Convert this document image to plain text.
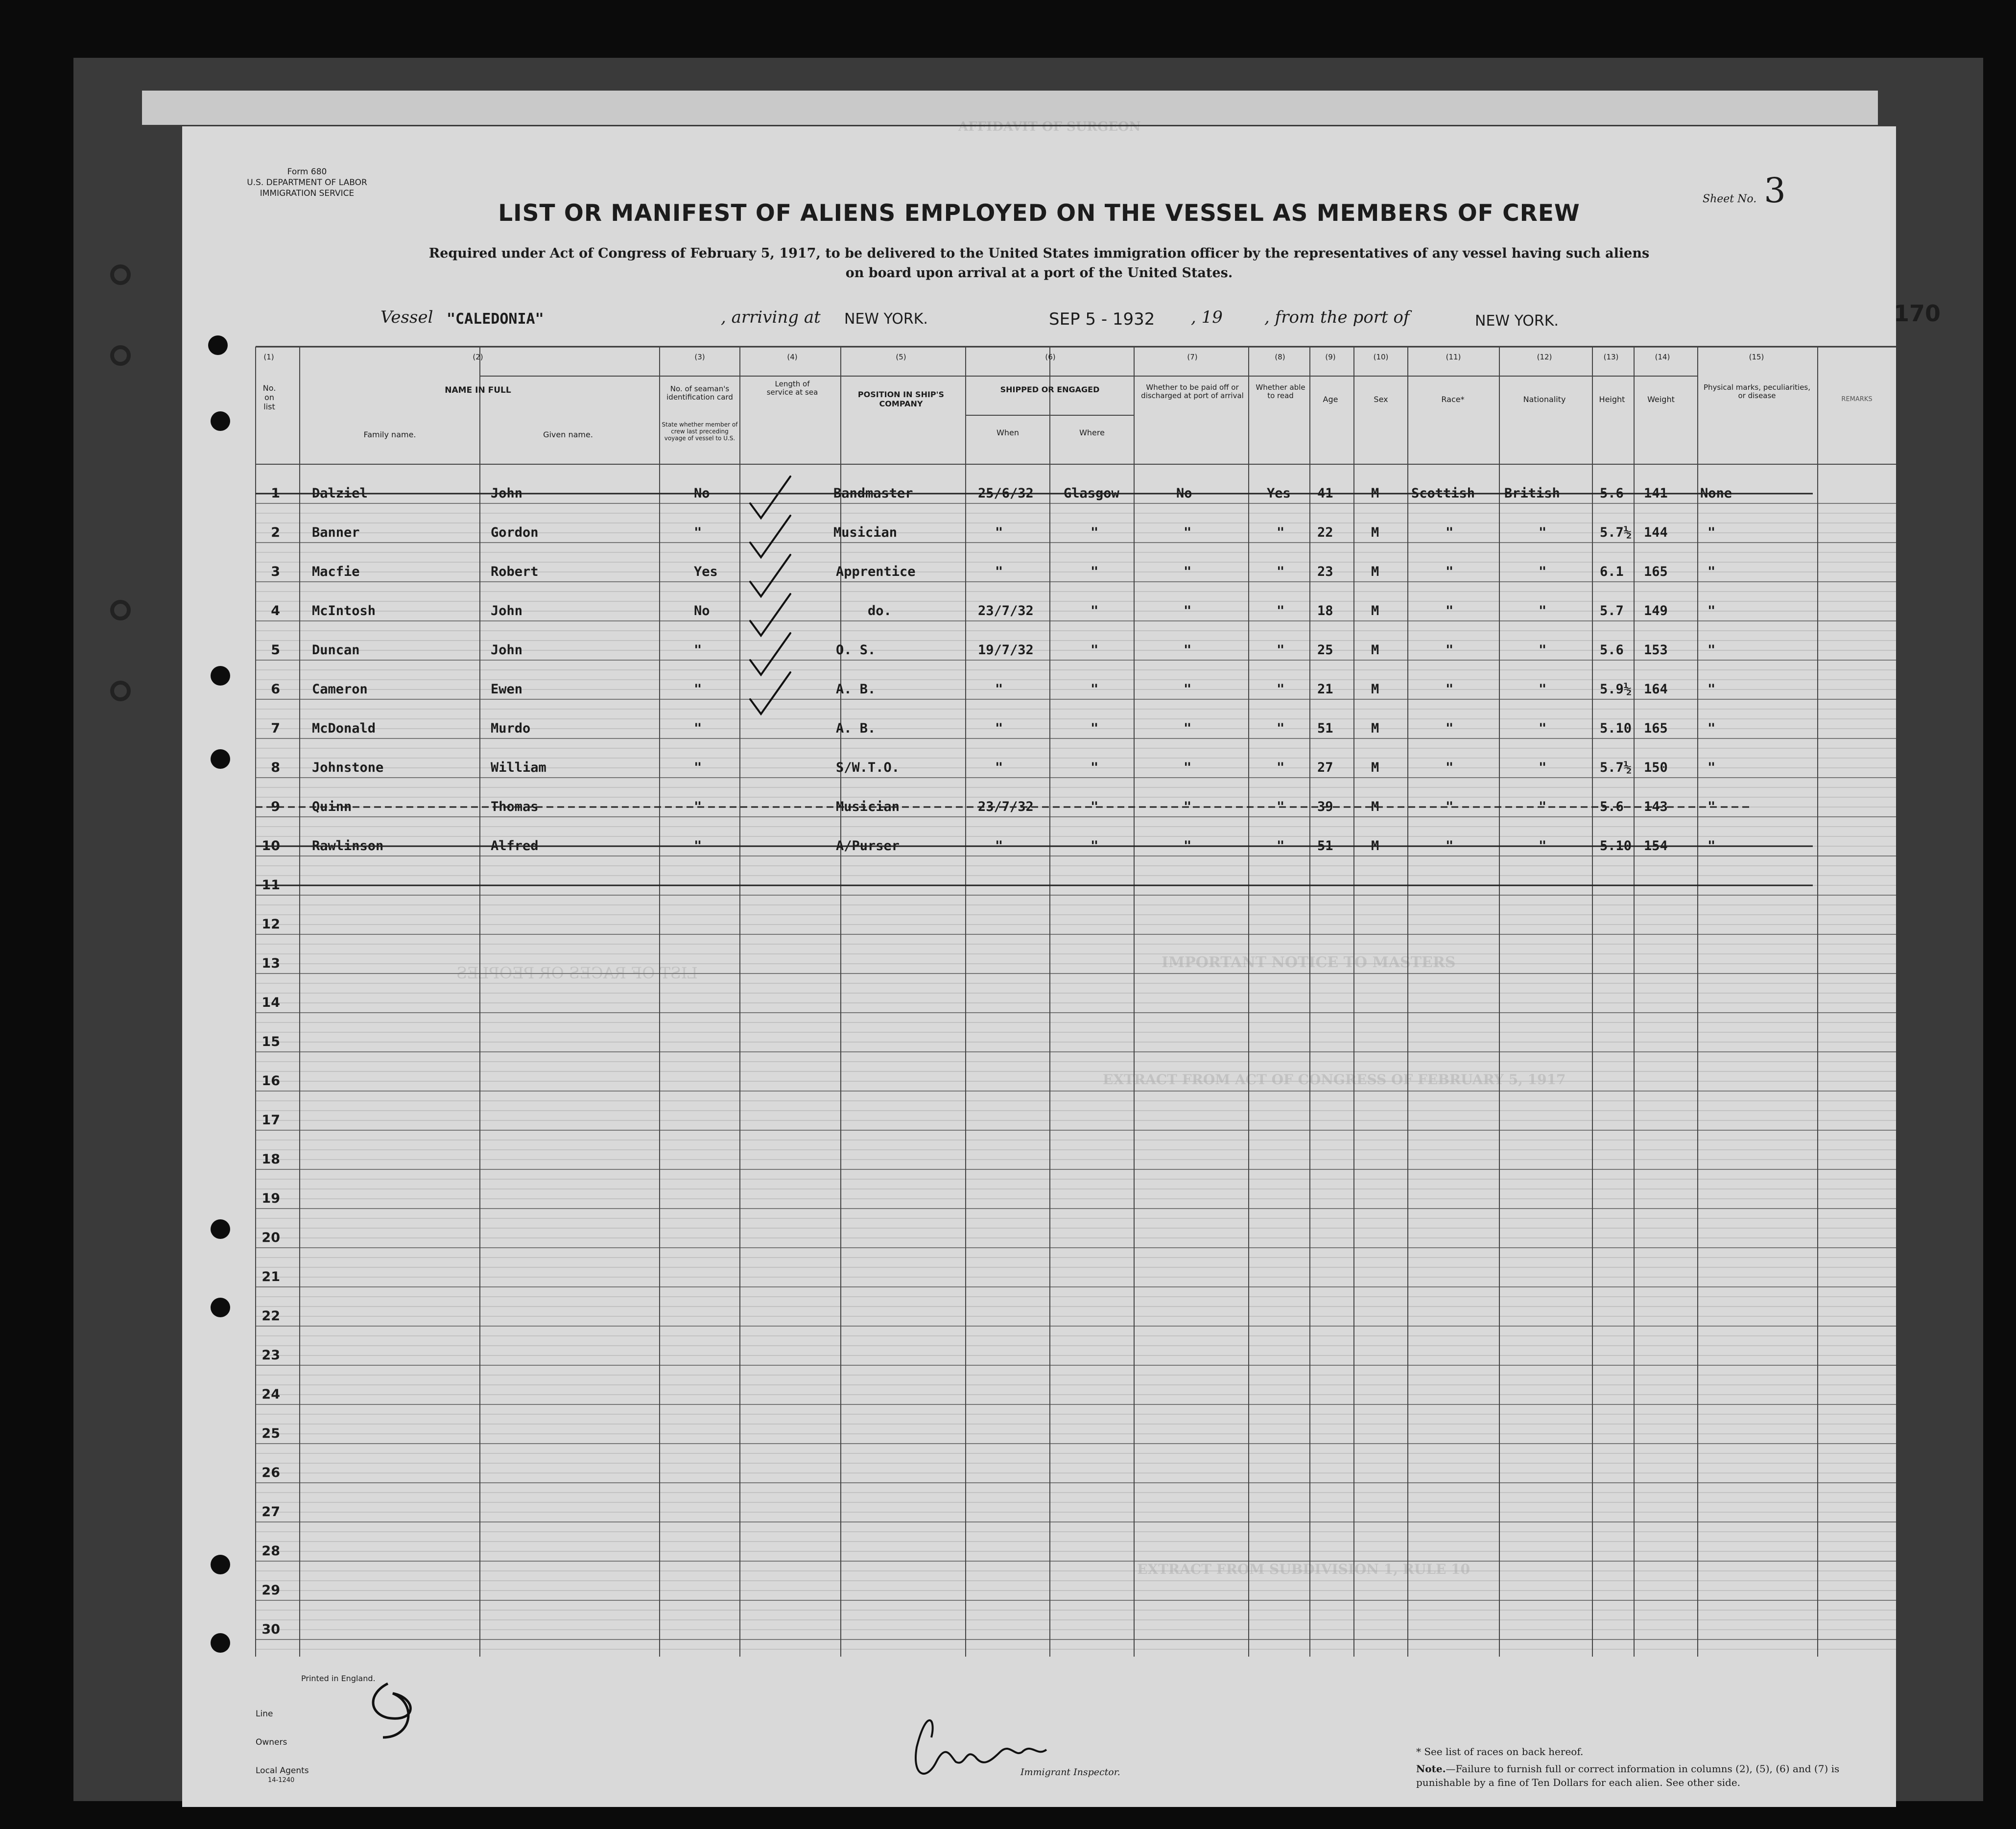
AFFIDAVIT OF SURGEON
LIST OF RACES OR PEOPLES
IMPORTANT NOTICE TO MASTERS
EXTRACT FROM ACT OF CONGRESS OF FEBRUARY 5, 1917
EXTRACT FROM SUBDIVISION 1, RULE 10
Form 680
U.S. DEPARTMENT OF LABOR
IMMIGRATION SERVICE	Sheet No. 3
LIST OR MANIFEST OF ALIENS EMPLOYED ON THE VESSEL AS MEMBERS OF CREW
Required under Act of Congress of February 5, 1917, to be delivered to the United States immigration officer by the representatives of any vessel having such aliens
on board upon arrival at a port of the United States.
Vessel "CALEDONIA"	, arriving at NEW YORK.	SEP 5 - 1932 , 19	, from the port of	NEW YORK.	170
(1)	(2)	(3)	(4)	(5)	(6)	(7)	(8)	(9)	(10)	(11)	(12)	(13)	(14)	(15)
No. on list
NAME IN FULL
Family name.	Given name.
No. of seaman's identification card
State whether member of crew last preceding voyage of vessel to U.S.
Length of service at sea	POSITION IN SHIP'S COMPANY
SHIPPED OR ENGAGED
When	Where
Whether to be paid off or discharged at port of arrival
Whether able to read	Age	Sex	Race*	Nationality	Height	Weight
Physical marks, peculiarities, or disease	REMARKS
1 Dalziel	John	No	Bandmaster	25/6/32 Glasgow	No	Yes 41	M Scottish British	5.6 141 None
2 Banner	Gordon	"	Musician	"	"	"	" 22	M	"	"	5.7½ 144	"
3 Macfie	Robert	Yes	Apprentice	"	"	"	" 23	M	"	"	6.1 165	"
4 McIntosh	John	No	do.	23/7/32	"	"	" 18	M	"	"	5.7 149	"
5 Duncan	John	"	O. S.	19/7/32	"	"	" 25	M	"	"	5.6 153	"
6 Cameron	Ewen	"	A. B.	"	"	"	" 21	M	"	"	5.9½ 164	"
7 McDonald	Murdo	"	A. B.	"	"	"	" 51	M	"	"	5.10 165	"
8 Johnstone	William	"	S/W.T.O.	"	"	"	" 27	M	"	"	5.7½ 150	"
9 Quinn	Thomas	"	Musician	23/7/32	"	"	" 39	M	"	"	5.6 143	"
10 Rawlinson	Alfred	"	A/Purser	"	"	"	" 51	M	"	"	5.10 154	"
11
12
13
14
15
16
17
18
19
20
21
22
23
24
25
26
27
28
29
30
Printed in England.
Line
Owners
Local Agents
14-1240
Immigrant Inspector.
* See list of races on back hereof.
Note.—Failure to furnish full or correct information in columns (2), (5), (6) and (7) is punishable by a fine of Ten Dollars for each alien. See other side.
